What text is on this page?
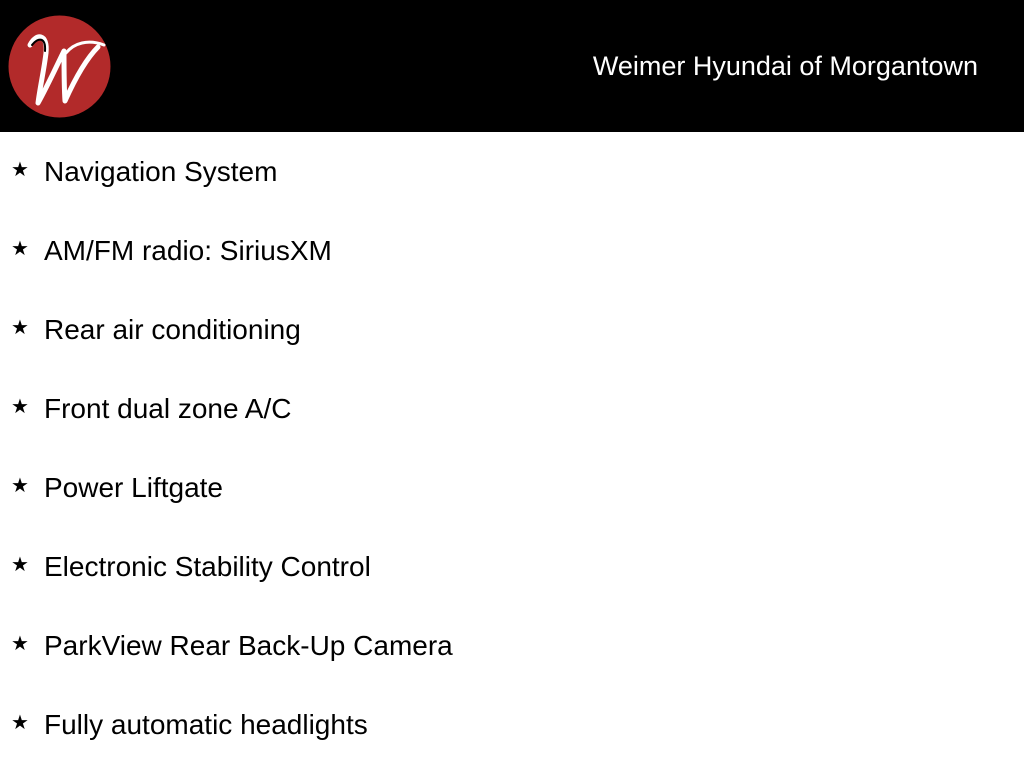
Weimer Hyundai of Morgantown
★ Navigation System
★ AM/FM radio: SiriusXM
★ Rear air conditioning
★ Front dual zone A/C
★ Power Liftgate
★ Electronic Stability Control
★ ParkView Rear Back-Up Camera
★ Fully automatic headlights
